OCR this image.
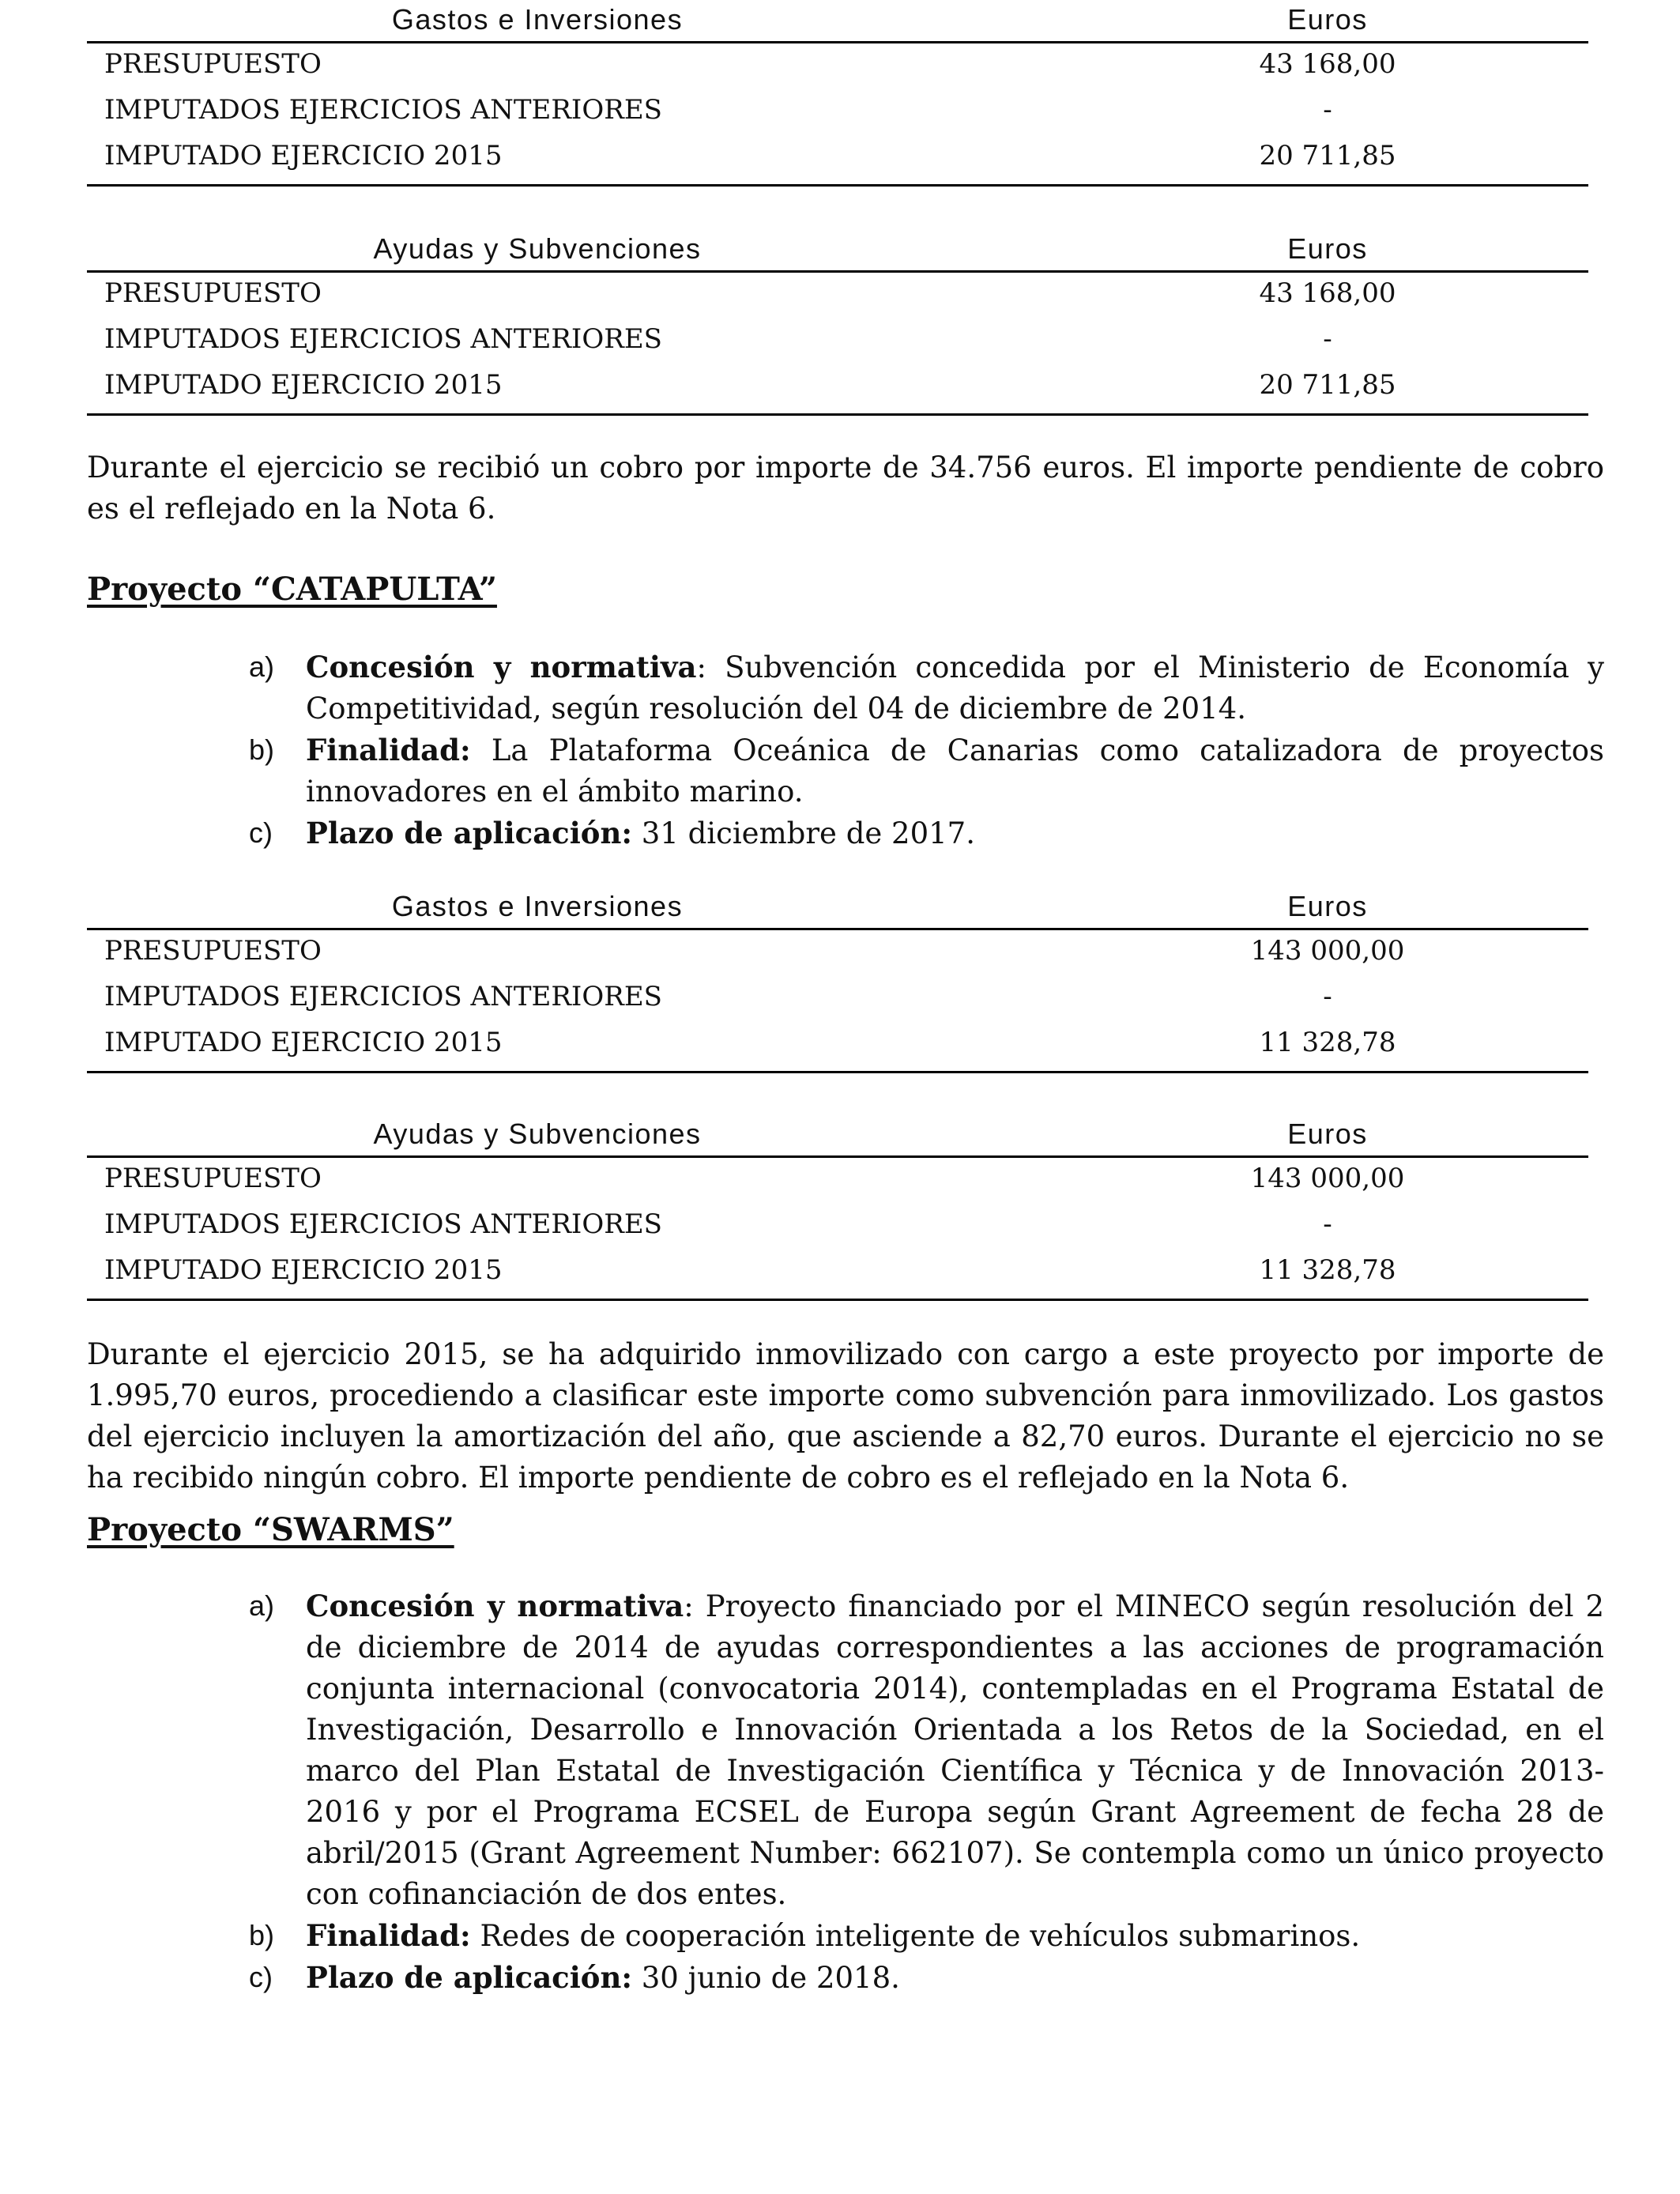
Gastos e Inversiones	Euros
PRESUPUESTO	43 168,00
IMPUTADOS EJERCICIOS ANTERIORES	-
IMPUTADO EJERCICIO 2015	20 711,85
Ayudas y Subvenciones	Euros
PRESUPUESTO	43 168,00
IMPUTADOS EJERCICIOS ANTERIORES	-
IMPUTADO EJERCICIO 2015	20 711,85
Durante el ejercicio se recibió un cobro por importe de 34.756 euros. El importe pendiente de cobro es el reflejado en la Nota 6.
Proyecto “CATAPULTA”
a) Concesión y normativa: Subvención concedida por el Ministerio de Economía y Competitividad, según resolución del 04 de diciembre de 2014.
b) Finalidad: La Plataforma Oceánica de Canarias como catalizadora de proyectos innovadores en el ámbito marino.
c) Plazo de aplicación: 31 diciembre de 2017.
Gastos e Inversiones	Euros
PRESUPUESTO	143 000,00
IMPUTADOS EJERCICIOS ANTERIORES	-
IMPUTADO EJERCICIO 2015	11 328,78
Ayudas y Subvenciones	Euros
PRESUPUESTO	143 000,00
IMPUTADOS EJERCICIOS ANTERIORES	-
IMPUTADO EJERCICIO 2015	11 328,78
Durante el ejercicio 2015, se ha adquirido inmovilizado con cargo a este proyecto por importe de 1.995,70 euros, procediendo a clasificar este importe como subvención para inmovilizado. Los gastos del ejercicio incluyen la amortización del año, que asciende a 82,70 euros. Durante el ejercicio no se ha recibido ningún cobro. El importe pendiente de cobro es el reflejado en la Nota 6.
Proyecto “SWARMS”
a) Concesión y normativa: Proyecto financiado por el MINECO según resolución del 2 de diciembre de 2014 de ayudas correspondientes a las acciones de programación conjunta internacional (convocatoria 2014), contempladas en el Programa Estatal de Investigación, Desarrollo e Innovación Orientada a los Retos de la Sociedad, en el marco del Plan Estatal de Investigación Científica y Técnica y de Innovación 2013-2016 y por el Programa ECSEL de Europa según Grant Agreement de fecha 28 de abril/2015 (Grant Agreement Number: 662107). Se contempla como un único proyecto con cofinanciación de dos entes.
b) Finalidad: Redes de cooperación inteligente de vehículos submarinos.
c) Plazo de aplicación: 30 junio de 2018.
